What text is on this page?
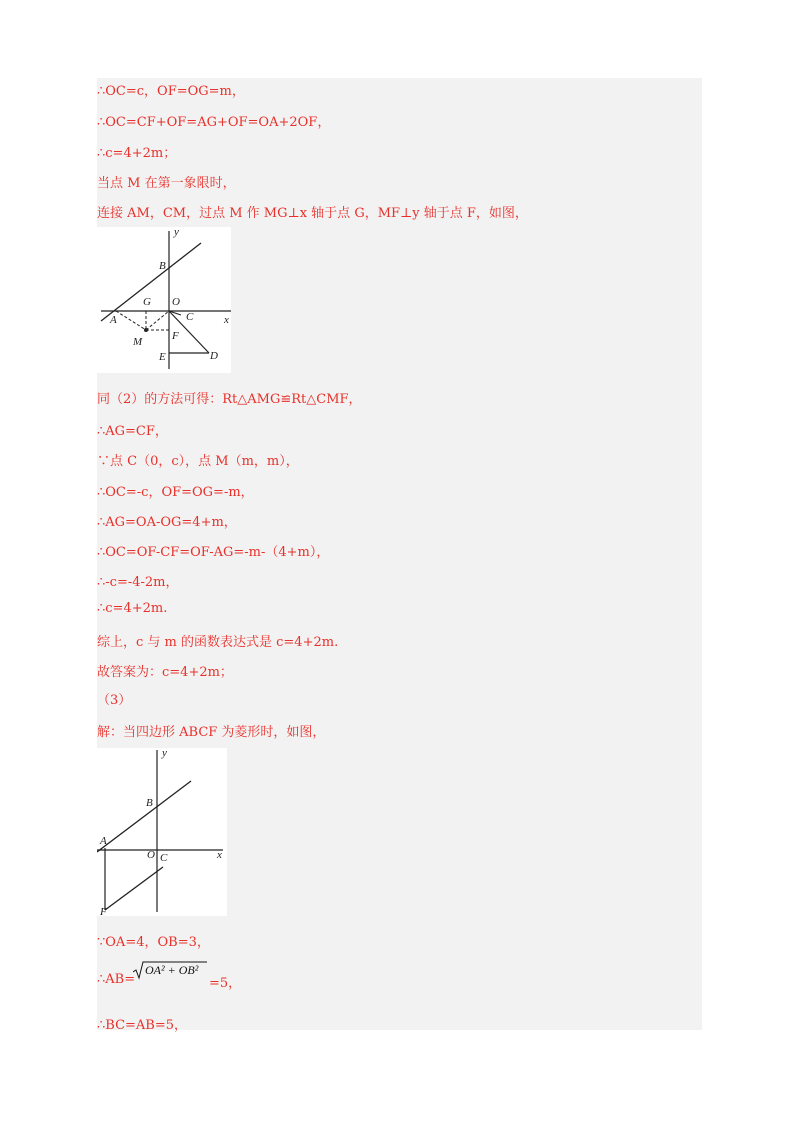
∴OC=c，OF=OG=m，
∴OC=CF+OF=AG+OF=OA+2OF，
∴c=4+2m；
当点 M 在第一象限时，
连接 AM，CM，过点 M 作 MG⊥x 轴于点 G，MF⊥y 轴于点 F，如图，
y
x
B
G O
A	C
M	F
E	D
同（2）的方法可得：Rt△AMG≌Rt△CMF，
∴AG=CF，
∵点 C（0，c），点 M（m，m），
∴OC=-c，OF=OG=-m，
∴AG=OA-OG=4+m，
∴OC=OF-CF=OF-AG=-m-（4+m），
∴-c=-4-2m，
∴c=4+2m.
综上，c 与 m 的函数表达式是 c=4+2m.
故答案为：c=4+2m；
（3）
解：当四边形 ABCF 为菱形时，如图，
y
x
B
A
O C
F
∵OA=4，OB=3，
∴AB=
OA² + OB²
=5，
∴BC=AB=5，
